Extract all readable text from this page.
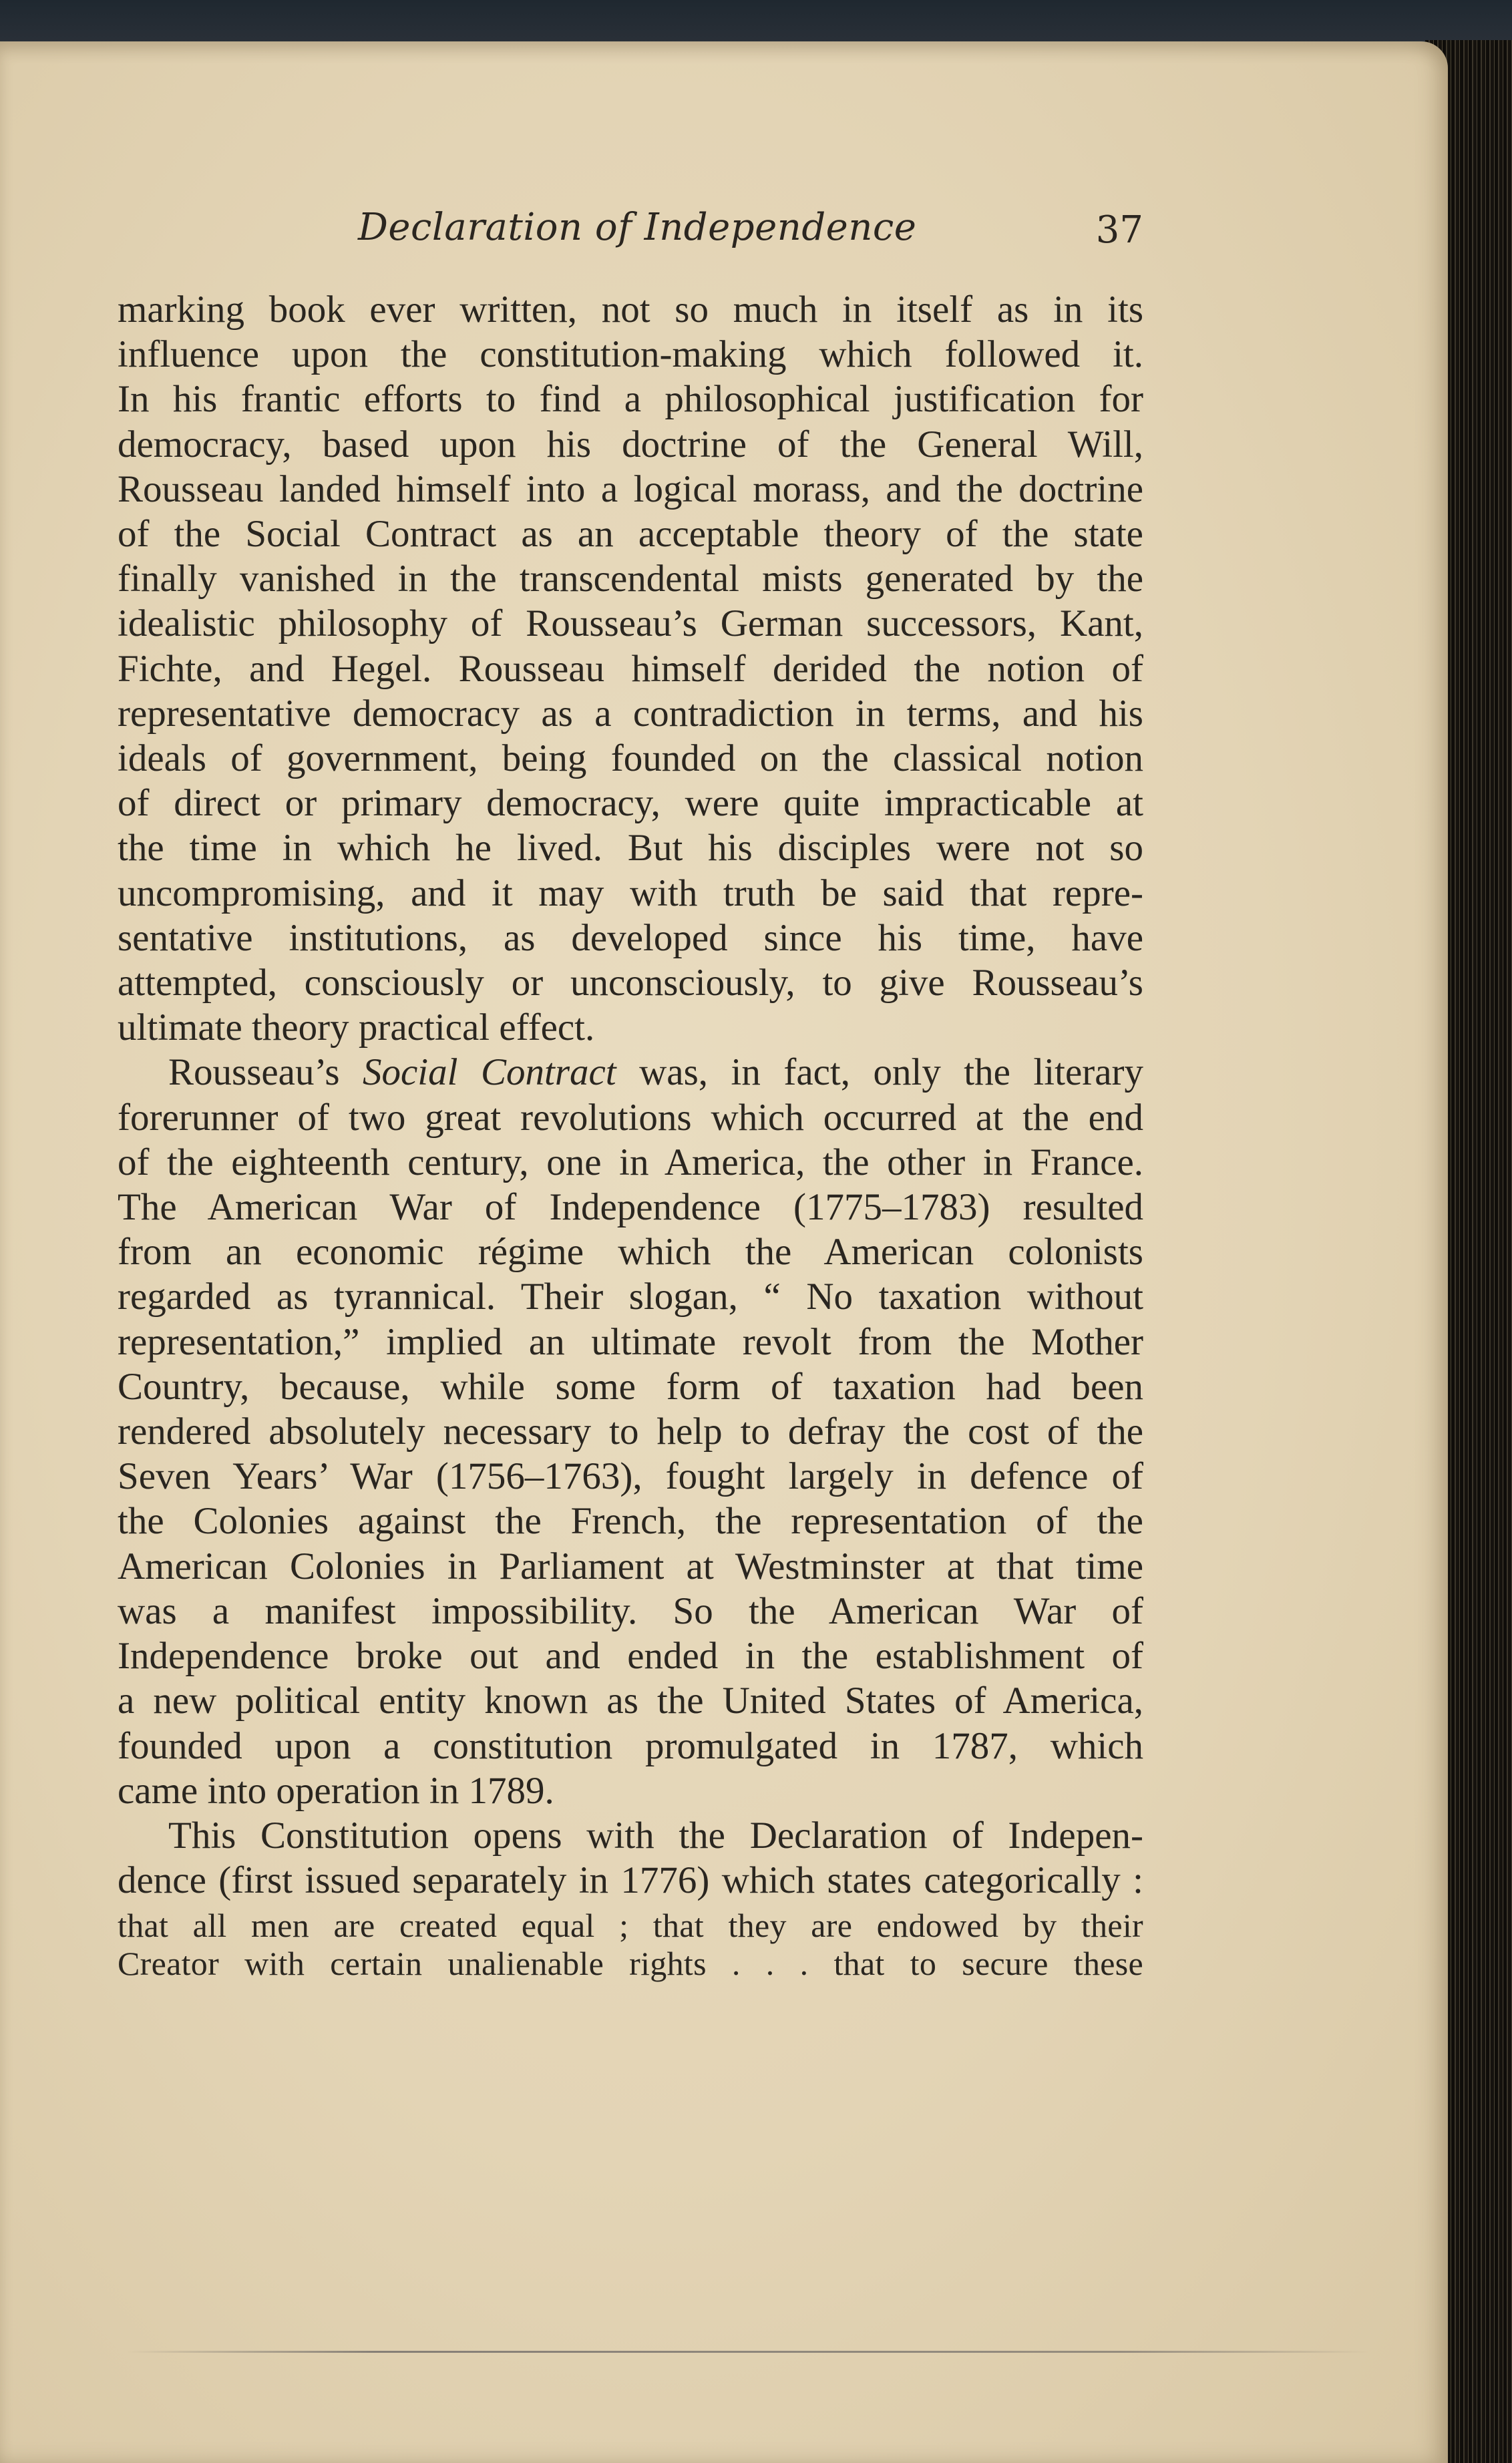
Declaration of Independence	37

marking book ever written, not so much in itself as in its
influence upon the constitution-making which followed it.
In his frantic efforts to find a philosophical justification for
democracy, based upon his doctrine of the General Will,
Rousseau landed himself into a logical morass, and the doctrine
of the Social Contract as an acceptable theory of the state
finally vanished in the transcendental mists generated by the
idealistic philosophy of Rousseau’s German successors, Kant,
Fichte, and Hegel. Rousseau himself derided the notion of
representative democracy as a contradiction in terms, and his
ideals of government, being founded on the classical notion
of direct or primary democracy, were quite impracticable at
the time in which he lived. But his disciples were not so
uncompromising, and it may with truth be said that repre-
sentative institutions, as developed since his time, have
attempted, consciously or unconsciously, to give Rousseau’s
ultimate theory practical effect.

Rousseau’s Social Contract was, in fact, only the literary
forerunner of two great revolutions which occurred at the end
of the eighteenth century, one in America, the other in France.
The American War of Independence (1775–1783) resulted
from an economic régime which the American colonists
regarded as tyrannical. Their slogan, “ No taxation without
representation,” implied an ultimate revolt from the Mother
Country, because, while some form of taxation had been
rendered absolutely necessary to help to defray the cost of the
Seven Years’ War (1756–1763), fought largely in defence of
the Colonies against the French, the representation of the
American Colonies in Parliament at Westminster at that time
was a manifest impossibility. So the American War of
Independence broke out and ended in the establishment of
a new political entity known as the United States of America,
founded upon a constitution promulgated in 1787, which
came into operation in 1789.

This Constitution opens with the Declaration of Indepen-
dence (first issued separately in 1776) which states categorically :

that all men are created equal ; that they are endowed by their
Creator with certain unalienable rights . . . that to secure these
